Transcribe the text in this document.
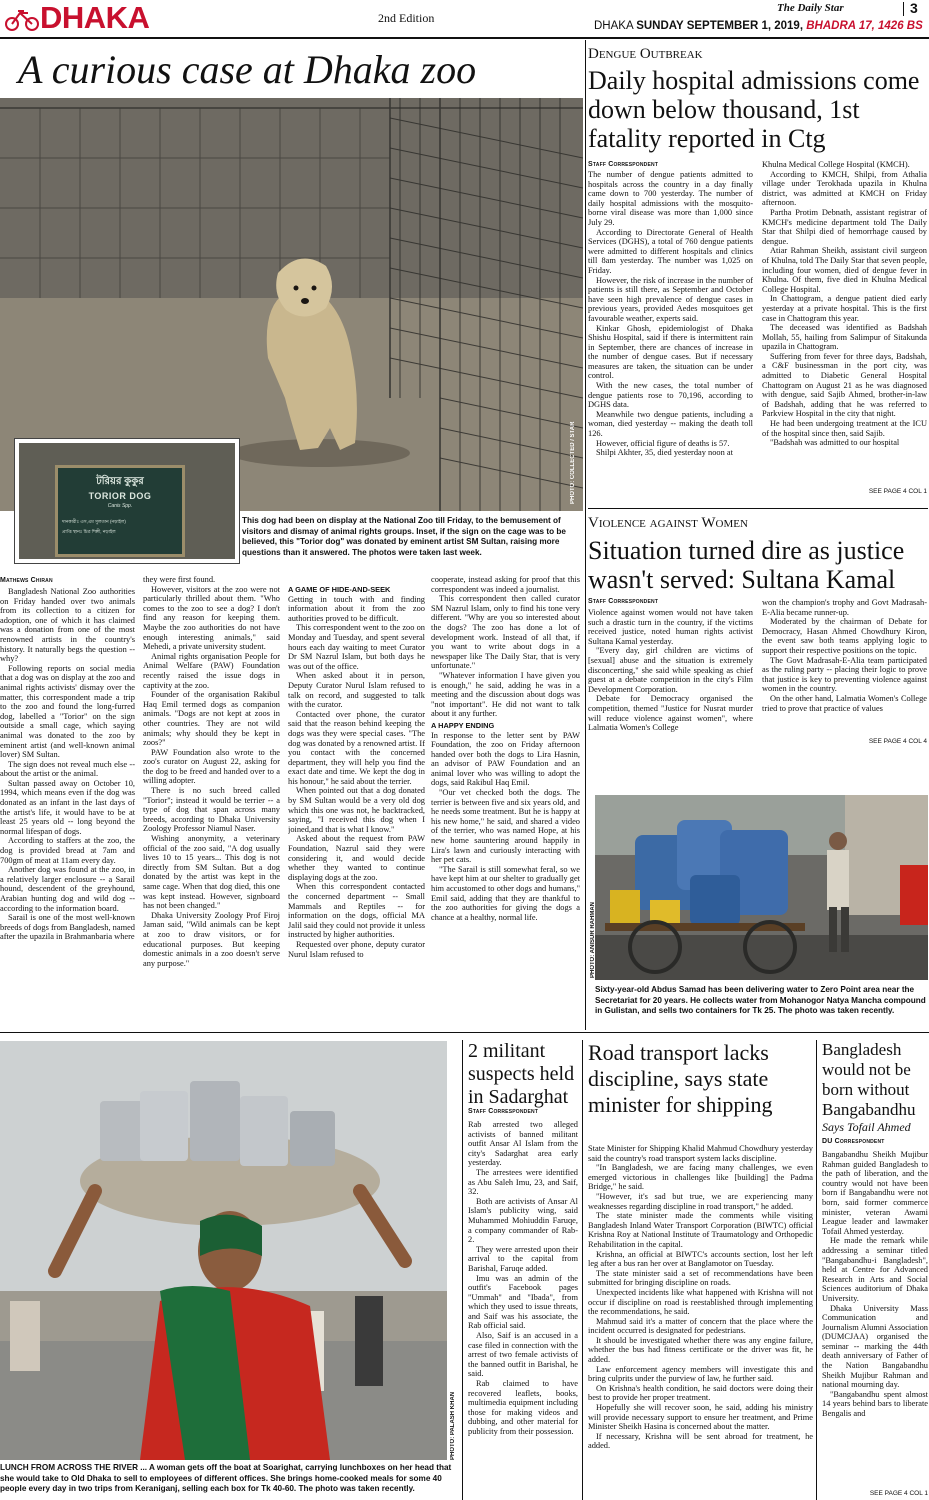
DHAKA	2nd Edition
The Daily Star	3
DHAKA SUNDAY SEPTEMBER 1, 2019, BHADRA 17, 1426 BS
A curious case at Dhaka zoo
PHOTO: COLLECTED / STAR
টরিয়র কুকুর
TORIOR DOG
Canis Spp.
দানকারীঃ এস,এম সুলতান (নড়াইল)
প্রাপ্তি স্থানঃ চিত্র শিল্পী, নড়াইল
This dog had been on display at the National Zoo till Friday, to the bemusement of visitors and dismay of animal rights groups. Inset, if the sign on the cage was to be believed, this "Torior dog" was donated by eminent artist SM Sultan, raising more questions than it answered. The photos were taken last week.
Mathews Chiran

Bangladesh National Zoo authorities on Friday handed over two animals from its collection to a citizen for adoption, one of which it has claimed was a donation from one of the most renowned artists in the country's history. It naturally begs the question -- why?

Following reports on social media that a dog was on display at the zoo and animal rights activists' dismay over the matter, this correspondent made a trip to the zoo and found the long-furred dog, labelled a "Torior" on the sign outside a small cage, which saying animal was donated to the zoo by eminent artist (and well-known animal lover) SM Sultan.

The sign does not reveal much else -- about the artist or the animal.

Sultan passed away on October 10, 1994, which means even if the dog was donated as an infant in the last days of the artist's life, it would have to be at least 25 years old -- long beyond the normal lifespan of dogs.

According to staffers at the zoo, the dog is provided bread at 7am and 700gm of meat at 11am every day.

Another dog was found at the zoo, in a relatively larger enclosure -- a Sarail hound, descendent of the greyhound, Arabian hunting dog and wild dog -- according to the information board.

Sarail is one of the most well-known breeds of dogs from Bangladesh, named after the upazila in Brahmanbaria where

they were first found.

However, visitors at the zoo were not particularly thrilled about them. "Who comes to the zoo to see a dog? I don't find any reason for keeping them. Maybe the zoo authorities do not have enough interesting animals," said Mehedi, a private university student.

Animal rights organisation People for Animal Welfare (PAW) Foundation recently raised the issue dogs in captivity at the zoo.

Founder of the organisation Rakibul Haq Emil termed dogs as companion animals. "Dogs are not kept at zoos in other countries. They are not wild animals; why should they be kept in zoos?"

PAW Foundation also wrote to the zoo's curator on August 22, asking for the dog to be freed and handed over to a willing adopter.

There is no such breed called "Torior"; instead it would be terrier -- a type of dog that span across many breeds, according to Dhaka University Zoology Professor Niamul Naser.

Wishing anonymity, a veterinary official of the zoo said, "A dog usually lives 10 to 15 years... This dog is not directly from SM Sultan. But a dog donated by the artist was kept in the same cage. When that dog died, this one was kept instead. However, signboard has not been changed."

Dhaka University Zoology Prof Firoj Jaman said, "Wild animals can be kept at zoo to draw visitors, or for educational purposes. But keeping domestic animals in a zoo doesn't serve any purpose."

A GAME OF HIDE-AND-SEEK

Getting in touch with and finding information about it from the zoo authorities proved to be difficult.

This correspondent went to the zoo on Monday and Tuesday, and spent several hours each day waiting to meet Curator Dr SM Nazrul Islam, but both days he was out of the office.

When asked about it in person, Deputy Curator Nurul Islam refused to talk on record, and suggested to talk with the curator.

Contacted over phone, the curator said that the reason behind keeping the dogs was they were special cases. "The dog was donated by a renowned artist. If you contact with the concerned department, they will help you find the exact date and time. We kept the dog in his honour," he said about the terrier.

When pointed out that a dog donated by SM Sultan would be a very old dog which this one was not, he backtracked, saying, "I received this dog when I joined,and that is what I know."

Asked about the request from PAW Foundation, Nazrul said they were considering it, and would decide whether they wanted to continue displaying dogs at the zoo.

When this correspondent contacted the concerned department -- Small Mammals and Reptiles -- for information on the dogs, official MA Jalil said they could not provide it unless instructed by higher authorities.

Requested over phone, deputy curator Nurul Islam refused to

cooperate, instead asking for proof that this correspondent was indeed a journalist.

This correspondent then called curator SM Nazrul Islam, only to find his tone very different. "Why are you so interested about the dogs? The zoo has done a lot of development work. Instead of all that, if you want to write about dogs in a newspaper like The Daily Star, that is very unfortunate."

"Whatever information I have given you is enough," he said, adding he was in a meeting and the discussion about dogs was "not important". He did not want to talk about it any further.

A HAPPY ENDING

In response to the letter sent by PAW Foundation, the zoo on Friday afternoon handed over both the dogs to Lira Hasnin, an advisor of PAW Foundation and an animal lover who was willing to adopt the dogs, said Rakibul Haq Emil.

"Our vet checked both the dogs. The terrier is between five and six years old, and he needs some treatment. But he is happy at his new home," he said, and shared a video of the terrier, who was named Hope, at his new home sauntering around happily in Lira's lawn and curiously interacting with her pet cats.

"The Sarail is still somewhat feral, so we have kept him at our shelter to gradually get him accustomed to other dogs and humans," Emil said, adding that they are thankful to the zoo authorities for giving the dogs a chance at a healthy, normal life.

Dengue Outbreak
Daily hospital admissions come down below thousand, 1st fatality reported in Ctg
Staff Correspondent

The number of dengue patients admitted to hospitals across the country in a day finally came down to 700 yesterday. The number of daily hospital admissions with the mosquito-borne viral disease was more than 1,000 since July 29.

According to Directorate General of Health Services (DGHS), a total of 760 dengue patients were admitted to different hospitals and clinics till 8am yesterday. The number was 1,025 on Friday.

However, the risk of increase in the number of patients is still there, as September and October have seen high prevalence of dengue cases in previous years, provided Aedes mosquitoes get favourable weather, experts said.

Kinkar Ghosh, epidemiologist of Dhaka Shishu Hospital, said if there is intermittent rain in September, there are chances of increase in the number of dengue cases. But if necessary measures are taken, the situation can be under control.

With the new cases, the total number of dengue patients rose to 70,196, according to DGHS data.

Meanwhile two dengue patients, including a woman, died yesterday -- making the death toll 126.

However, official figure of deaths is 57.

Shilpi Akhter, 35, died yesterday noon at

Khulna Medical College Hospital (KMCH).

According to KMCH, Shilpi, from Athalia village under Terokhada upazila in Khulna district, was admitted at KMCH on Friday afternoon.

Partha Protim Debnath, assistant registrar of KMCH's medicine department told The Daily Star that Shilpi died of hemorrhage caused by dengue.

Atiar Rahman Sheikh, assistant civil surgeon of Khulna, told The Daily Star that seven people, including four women, died of dengue fever in Khulna. Of them, five died in Khulna Medical College Hospital.

In Chattogram, a dengue patient died early yesterday at a private hospital. This is the first case in Chattogram this year.

The deceased was identified as Badshah Mollah, 55, hailing from Salimpur of Sitakunda upazila in Chattogram.

Suffering from fever for three days, Badshah, a C&F businessman in the port city, was admitted to Diabetic General Hospital Chattogram on August 21 as he was diagnosed with dengue, said Sajib Ahmed, brother-in-law of Badshah, adding that he was referred to Parkview Hospital in the city that night.

He had been undergoing treatment at the ICU of the hospital since then, said Sajib.

"Badshah was admitted to our hospital

SEE PAGE 4 COL 1
Violence against Women
Situation turned dire as justice wasn't served: Sultana Kamal
Staff Correspondent

Violence against women would not have taken such a drastic turn in the country, if the victims received justice, noted human rights activist Sultana Kamal yesterday.

"Every day, girl children are victims of [sexual] abuse and the situation is extremely disconcerting," she said while speaking as chief guest at a debate competition in the city's Film Development Corporation.

Debate for Democracy organised the competition, themed "Justice for Nusrat murder will reduce violence against women", where Lalmatia Women's College

won the champion's trophy and Govt Madrasah-E-Alia became runner-up.

Moderated by the chairman of Debate for Democracy, Hasan Ahmed Chowdhury Kiron, the event saw both teams applying logic to support their respective positions on the topic.

The Govt Madrasah-E-Alia team participated as the ruling party -- placing their logic to prove that justice is key to preventing violence against women in the country.

On the other hand, Lalmatia Women's College tried to prove that practice of values

SEE PAGE 4 COL 4
PHOTO: ANISUR RAHMAN
Sixty-year-old Abdus Samad has been delivering water to Zero Point area near the Secretariat for 20 years. He collects water from Mohanogor Natya Mancha compound in Gulistan, and sells two containers for Tk 25. The photo was taken recently.
PHOTO: PALASH KHAN
LUNCH FROM ACROSS THE RIVER ... A woman gets off the boat at Soarighat, carrying lunchboxes on her head that she would take to Old Dhaka to sell to employees of different offices. She brings home-cooked meals for some 40 people every day in two trips from Keraniganj, selling each box for Tk 40-60. The photo was taken recently.
2 militant suspects held in Sadarghat
Staff Correspondent

Rab arrested two alleged activists of banned militant outfit Ansar Al Islam from the city's Sadarghat area early yesterday.

The arrestees were identified as Abu Saleh Imu, 23, and Saif, 32.

Both are activists of Ansar Al Islam's publicity wing, said Muhammed Mohiuddin Faruqe, a company commander of Rab-2.

They were arrested upon their arrival to the capital from Barishal, Faruqe added.

Imu was an admin of the outfit's Facebook pages "Ummah" and "Ibada", from which they used to issue threats, and Saif was his associate, the Rab official said.

Also, Saif is an accused in a case filed in connection with the arrest of two female activists of the banned outfit in Barishal, he said.

Rab claimed to have recovered leaflets, books, multimedia equipment including those for making videos and dubbing, and other material for publicity from their possession.

Road transport lacks discipline, says state minister for shipping

State Minister for Shipping Khalid Mahmud Chowdhury yesterday said the country's road transport system lacks discipline.

"In Bangladesh, we are facing many challenges, we even emerged victorious in challenges like [building] the Padma Bridge," he said.

"However, it's sad but true, we are experiencing many weaknesses regarding discipline in road transport," he added.

The state minister made the comments while visiting Bangladesh Inland Water Transport Corporation (BIWTC) official Krishna Roy at National Institute of Traumatology and Orthopedic Rehabilitation in the capital.

Krishna, an official at BIWTC's accounts section, lost her left leg after a bus ran her over at Banglamotor on Tuesday.

The state minister said a set of recommendations have been submitted for bringing discipline on roads.

Unexpected incidents like what happened with Krishna will not occur if discipline on road is reestablished through implementing the recommendations, he said.

Mahmud said it's a matter of concern that the place where the incident occurred is designated for pedestrians.

It should be investigated whether there was any engine failure, whether the bus had fitness certificate or the driver was fit, he added.

Law enforcement agency members will investigate this and bring culprits under the purview of law, he further said.

On Krishna's health condition, he said doctors were doing their best to provide her proper treatment.

Hopefully she will recover soon, he said, adding his ministry will provide necessary support to ensure her treatment, and Prime Minister Sheikh Hasina is concerned about the matter.

If necessary, Krishna will be sent abroad for treatment, he added.

Bangladesh would not be born without Bangabandhu
Says Tofail Ahmed
DU Correspondent

Bangabandhu Sheikh Mujibur Rahman guided Bangladesh to the path of liberation, and the country would not have been born if Bangabandhu were not born, said former commerce minister, veteran Awami League leader and lawmaker Tofail Ahmed yesterday.

He made the remark while addressing a seminar titled "Bangabandhu-i Bangladesh", held at Centre for Advanced Research in Arts and Social Sciences auditorium of Dhaka University.

Dhaka University Mass Communication and Journalism Alumni Association (DUMCJAA) organised the seminar -- marking the 44th death anniversary of Father of the Nation Bangabandhu Sheikh Mujibur Rahman and national mourning day.

"Bangabandhu spent almost 14 years behind bars to liberate Bengalis and

SEE PAGE 4 COL 1
